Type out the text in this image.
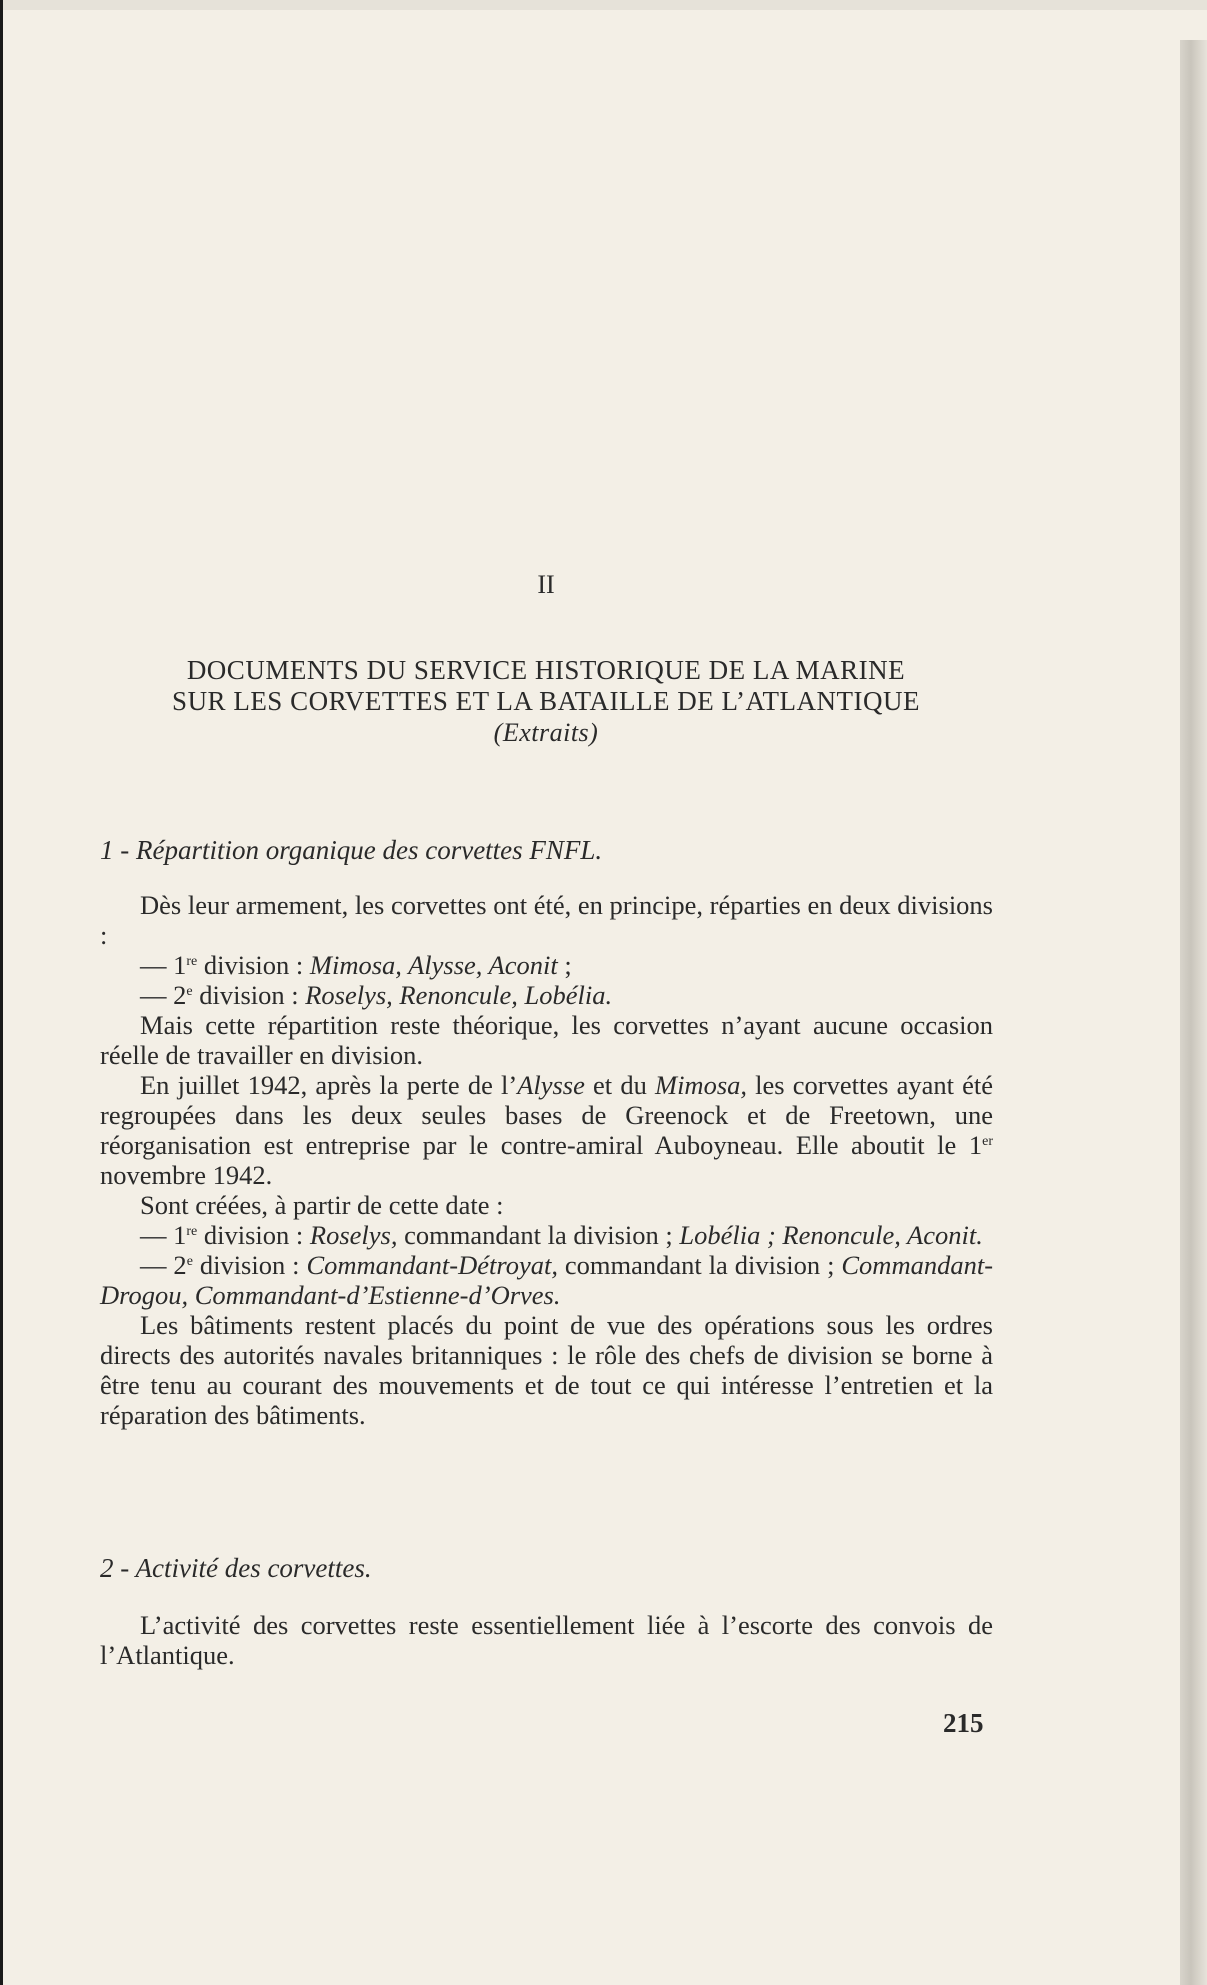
II
DOCUMENTS DU SERVICE HISTORIQUE DE LA MARINE
SUR LES CORVETTES ET LA BATAILLE DE L’ATLANTIQUE
(Extraits)
1 - Répartition organique des corvettes FNFL.

Dès leur armement, les corvettes ont été, en principe, réparties en deux divisions :

— 1re division : Mimosa, Alysse, Aconit ;

— 2e division : Roselys, Renoncule, Lobélia.

Mais cette répartition reste théorique, les corvettes n’ayant aucune occasion réelle de travailler en division.

En juillet 1942, après la perte de l’Alysse et du Mimosa, les corvettes ayant été regroupées dans les deux seules bases de Greenock et de Freetown, une réorganisation est entreprise par le contre-amiral Auboyneau. Elle aboutit le 1er novembre 1942.

Sont créées, à partir de cette date :

— 1re division : Roselys, commandant la division ; Lobélia ; Renoncule, Aconit.

— 2e division : Commandant-Détroyat, commandant la division ; Commandant-Drogou, Commandant-d’Estienne-d’Orves.

Les bâtiments restent placés du point de vue des opérations sous les ordres directs des autorités navales britanniques : le rôle des chefs de division se borne à être tenu au courant des mouvements et de tout ce qui intéresse l’entretien et la réparation des bâtiments.

2 - Activité des corvettes.

L’activité des corvettes reste essentiellement liée à l’escorte des convois de l’Atlantique.

215
